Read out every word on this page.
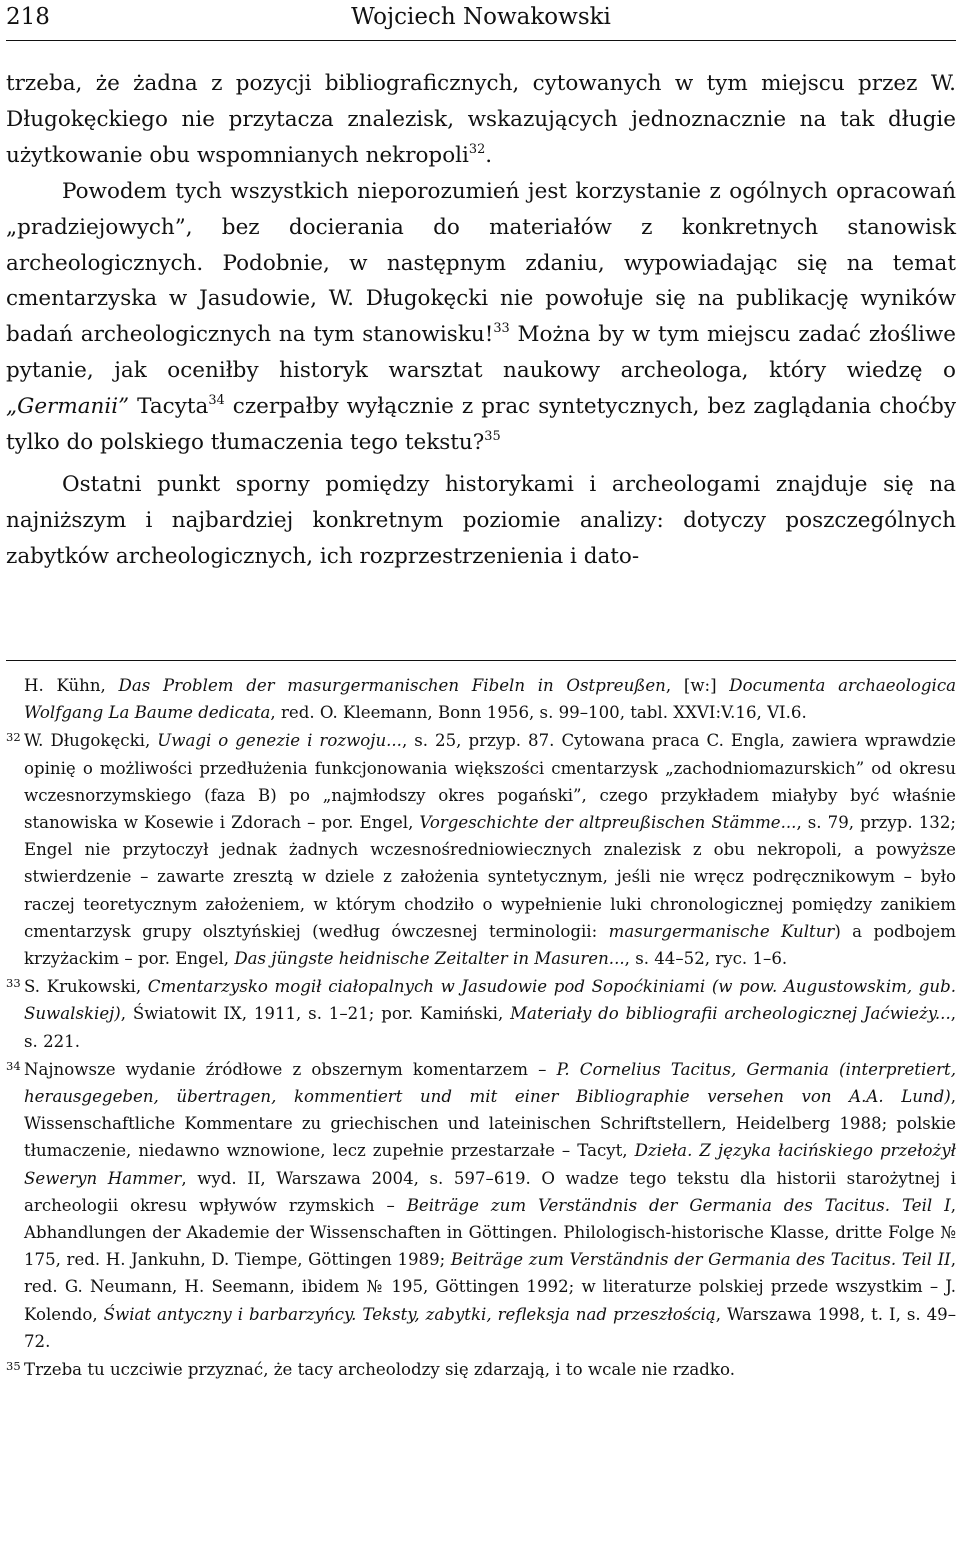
218	Wojciech Nowakowski

trzeba, że żadna z pozycji bibliograficznych, cytowanych w tym miejscu przez W. Długokęckiego nie przytacza znalezisk, wskazujących jednoznacznie na tak długie użytkowanie obu wspomnianych nekropoli$^{32}$.

Powodem tych wszystkich nieporozumień jest korzystanie z ogólnych opracowań „pradziejowych”, bez docierania do materiałów z konkretnych stanowisk archeologicznych. Podobnie, w następnym zdaniu, wypowiadając się na temat cmentarzyska w Jasudowie, W. Długokęcki nie powołuje się na publikację wyników badań archeologicznych na tym stanowisku!$^{33}$ Można by w tym miejscu zadać złośliwe pytanie, jak oceniłby historyk warsztat naukowy archeologa, który wiedzę o „Germanii” Tacyta$^{34}$ czerpałby wyłącznie z prac syntetycznych, bez zaglądania choćby tylko do polskiego tłumaczenia tego tekstu?$^{35}$

Ostatni punkt sporny pomiędzy historykami i archeologami znajduje się na najniższym i najbardziej konkretnym poziomie analizy: dotyczy poszczególnych zabytków archeologicznych, ich rozprzestrzenienia i dato-

H. Kühn, Das Problem der masurgermanischen Fibeln in Ostpreußen, [w:] Documenta archaeologica Wolfgang La Baume dedicata, red. O. Kleemann, Bonn 1956, s. 99–100, tabl. XXVI:V.16, VI.6.

32 W. Długokęcki, Uwagi o genezie i rozwoju..., s. 25, przyp. 87. Cytowana praca C. Engla, zawiera wprawdzie opinię o możliwości przedłużenia funkcjonowania większości cmentarzysk „zachodniomazurskich” od okresu wczesnorzymskiego (faza B) po „najmłodszy okres pogański”, czego przykładem miałyby być właśnie stanowiska w Kosewie i Zdorach – por. Engel, Vorgeschichte der altpreußischen Stämme..., s. 79, przyp. 132; Engel nie przytoczył jednak żadnych wczesnośredniowiecznych znalezisk z obu nekropoli, a powyższe stwierdzenie – zawarte zresztą w dziele z założenia syntetycznym, jeśli nie wręcz podręcznikowym – było raczej teoretycznym założeniem, w którym chodziło o wypełnienie luki chronologicznej pomiędzy zanikiem cmentarzysk grupy olsztyńskiej (według ówczesnej terminologii: masurgermanische Kultur) a podbojem krzyżackim – por. Engel, Das jüngste heidnische Zeitalter in Masuren..., s. 44–52, ryc. 1–6.

33 S. Krukowski, Cmentarzysko mogił ciałopalnych w Jasudowie pod Sopoćkiniami (w pow. Augustowskim, gub. Suwalskiej), Światowit IX, 1911, s. 1–21; por. Kamiński, Materiały do bibliografii archeologicznej Jaćwieży..., s. 221.

34 Najnowsze wydanie źródłowe z obszernym komentarzem – P. Cornelius Tacitus, Germania (interpretiert, herausgegeben, übertragen, kommentiert und mit einer Bibliographie versehen von A.A. Lund), Wissenschaftliche Kommentare zu griechischen und lateinischen Schriftstellern, Heidelberg 1988; polskie tłumaczenie, niedawno wznowione, lecz zupełnie przestarzałe – Tacyt, Dzieła. Z języka łacińskiego przełożył Seweryn Hammer, wyd. II, Warszawa 2004, s. 597–619. O wadze tego tekstu dla historii starożytnej i archeologii okresu wpływów rzymskich – Beiträge zum Verständnis der Germania des Tacitus. Teil I, Abhandlungen der Akademie der Wissenschaften in Göttingen. Philologisch-historische Klasse, dritte Folge № 175, red. H. Jankuhn, D. Tiempe, Göttingen 1989; Beiträge zum Verständnis der Germania des Tacitus. Teil II, red. G. Neumann, H. Seemann, ibidem № 195, Göttingen 1992; w literaturze polskiej przede wszystkim – J. Kolendo, Świat antyczny i barbarzyńcy. Teksty, zabytki, refleksja nad przeszłością, Warszawa 1998, t. I, s. 49–72.

35 Trzeba tu uczciwie przyznać, że tacy archeolodzy się zdarzają, i to wcale nie rzadko.
